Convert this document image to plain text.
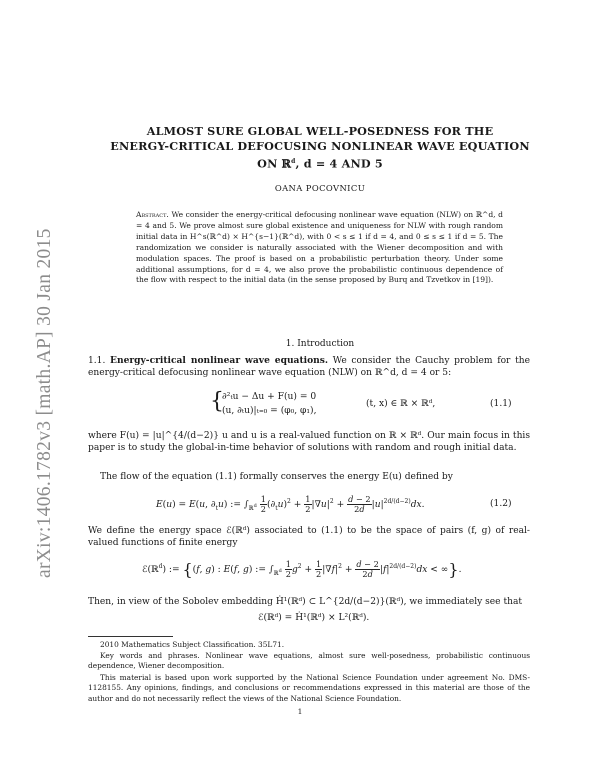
arXiv:1406.1782v3 [math.AP] 30 Jan 2015
ALMOST SURE GLOBAL WELL-POSEDNESS FOR THE
ENERGY-CRITICAL DEFOCUSING NONLINEAR WAVE EQUATION
ON ℝ$^d$, d = 4 AND 5
OANA POCOVNICU
Abstract. We consider the energy-critical defocusing nonlinear wave equation (NLW) on ℝ^d, d = 4 and 5. We prove almost sure global existence and uniqueness for NLW with rough random initial data in H^s(ℝ^d) × H^{s−1}(ℝ^d), with 0 < s ≤ 1 if d = 4, and 0 ≤ s ≤ 1 if d = 5. The randomization we consider is naturally associated with the Wiener decomposition and with modulation spaces. The proof is based on a probabilistic perturbation theory. Under some additional assumptions, for d = 4, we also prove the probabilistic continuous dependence of the flow with respect to the initial data (in the sense proposed by Burq and Tzvetkov in [19]).
1. Introduction
1.1. Energy-critical nonlinear wave equations. We consider the Cauchy problem for the energy-critical defocusing nonlinear wave equation (NLW) on ℝ^d, d = 4 or 5:
{
∂²ₜu − Δu + F(u) = 0
(u, ∂ₜu)|ₜ₌₀ = (φ₀, φ₁),
(t, x) ∈ ℝ × ℝᵈ,	(1.1)
where F(u) = |u|^{4/(d−2)} u and u is a real-valued function on ℝ × ℝᵈ. Our main focus in this paper is to study the global-in-time behavior of solutions with random and rough initial data.
The flow of the equation (1.1) formally conserves the energy E(u) defined by
E(u) = E(u, $\partial_tu$) := $\int_{ℝ^d} \frac{1}{2} (\partial_tu)^2 + \frac{1}{2} |\nabla u|^2 + \frac{d - 2}{2d} |u|^{2d/(d-2)}dx$.	(1.2)
We define the energy space ℰ(ℝᵈ) associated to (1.1) to be the space of pairs (f, g) of real-valued functions of finite energy
ℰ(ℝ$^d$) := {(f, g) : E(f, g) := $\int_{ℝ^d} \frac{1}{2} g^2 + \frac{1}{2} |\nabla f|^2 + \frac{d - 2}{2d} |f|^{2d/(d-2)}dx$ < ∞}.
Then, in view of the Sobolev embedding Ḣ¹(ℝᵈ) ⊂ L^{2d/(d−2)}(ℝᵈ), we immediately see that
ℰ(ℝᵈ) = Ḣ¹(ℝᵈ) × L²(ℝᵈ).
2010 Mathematics Subject Classification. 35L71.
Key words and phrases. Nonlinear wave equations, almost sure well-posedness, probabilistic continuous dependence, Wiener decomposition.
This material is based upon work supported by the National Science Foundation under agreement No. DMS-1128155. Any opinions, findings, and conclusions or recommendations expressed in this material are those of the author and do not necessarily reflect the views of the National Science Foundation.
1
